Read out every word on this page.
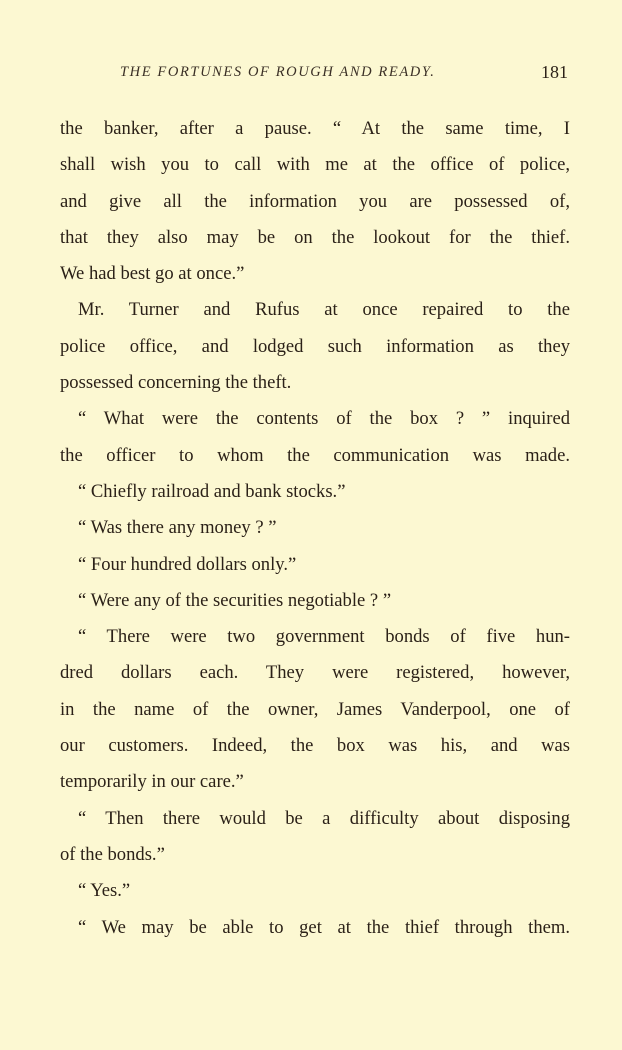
THE FORTUNES OF ROUGH AND READY.	181
the banker, after a pause. “ At the same time, I
shall wish you to call with me at the office of police,
and give all the information you are possessed of,
that they also may be on the lookout for the thief.
We had best go at once.”
Mr. Turner and Rufus at once repaired to the
police office, and lodged such information as they
possessed concerning the theft.
“ What were the contents of the box ? ” inquired
the officer to whom the communication was made.
“ Chiefly railroad and bank stocks.”
“ Was there any money ? ”
“ Four hundred dollars only.”
“ Were any of the securities negotiable ? ”
“ There were two government bonds of five hun-
dred dollars each. They were registered, however,
in the name of the owner, James Vanderpool, one of
our customers. Indeed, the box was his, and was
temporarily in our care.”
“ Then there would be a difficulty about disposing
of the bonds.”
“ Yes.”
“ We may be able to get at the thief through them.
